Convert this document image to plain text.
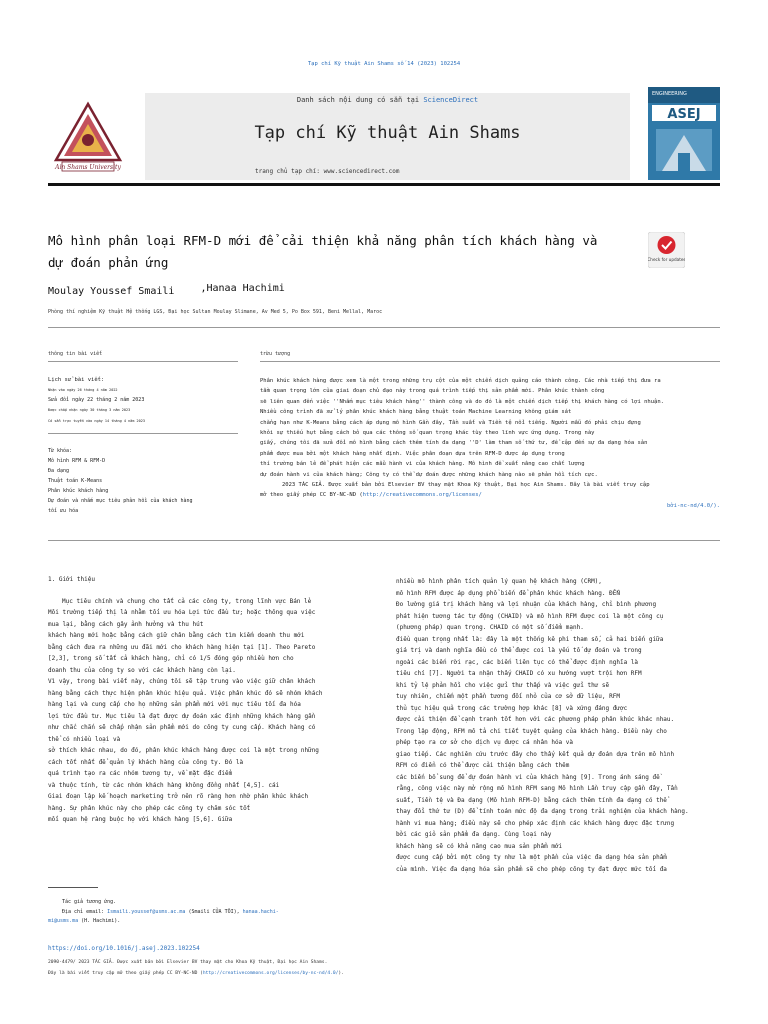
Tạp chí Kỹ thuật Ain Shams số 14 (2023) 102254
Ain Shams University
Danh sách nội dung có sẵn tại ScienceDirect
Tạp chí Kỹ thuật Ain Shams
trang chủ tạp chí: www.sciencedirect.com
ENGINEERING
ASEJ
Mô hình phân loại RFM-D mới để cải thiện khả năng phân tích khách hàng và
dự đoán phản ứng	Check for updates
Moulay Youssef Smaili	,Hanaa Hachimi
Phòng thí nghiệm Kỹ thuật Hệ thống LGS, Đại học Sultan Moulay Slimane, Av Med 5, Po Box 591, Beni Mellal, Maroc
thông tin bài viết	trừu tượng
Lịch sử bài viết:
Nhận vào ngày 26 tháng 4 năm 2022
Sửa đổi ngày 22 tháng 2 năm 2023
Được chấp nhận ngày 30 tháng 3 năm 2023
Có sẵn trực tuyến vào ngày 14 tháng 4 năm 2023
Từ khóa:
Mô hình RFM & RFM-D
Đa dạng
Thuật toán K-Means
Phân khúc khách hàng
Dự đoán và nhắm mục tiêu phản hồi của khách hàng
tối ưu hóa
Phân khúc khách hàng được xem là một trong những trụ cột của một chiến dịch quảng cáo thành công. Các nhà tiếp thị đưa ra
tầm quan trọng lớn của giai đoạn chủ đạo này trong quá trình tiếp thị sản phẩm mới. Phân khúc thành công
sẽ liên quan đến việc ''Nhắm mục tiêu khách hàng'' thành công và do đó là một chiến dịch tiếp thị khách hàng có lợi nhuận.
Nhiều công trình đã xử lý phân khúc khách hàng bằng thuật toán Machine Learning không giám sát
chẳng hạn như K-Means bằng cách áp dụng mô hình Gần đây, Tần suất và Tiền tệ nổi tiếng. Người mẫu đó phải chịu đựng
khỏi sự thiếu hụt bằng cách bỏ qua các thông số quan trọng khác tùy theo lĩnh vực ứng dụng. Trong này
giấy, chúng tôi đã sửa đổi mô hình bằng cách thêm tính đa dạng ''D' làm tham số thứ tư, để cập đến sự đa dạng hóa sản
phẩm được mua bởi một khách hàng nhất định. Việc phân đoạn dựa trên RFM-D được áp dụng trong
thí trường bán lẻ để phát hiện các mẫu hành vi của khách hàng. Mô hình đề xuất nâng cao chất lượng
dự đoán hành vi của khách hàng; Công ty có thể dự đoán được những khách hàng nào sẽ phản hồi tích cực.

2023 TÁC GIẢ. Được xuất bản bởi Elsevier BV thay mặt Khoa Kỹ thuật, Đại học Ain Shams. Đây là bài viết truy cập

mở theo giấy phép CC BY-NC-ND (http://creativecommons.org/licenses/
bởi-nc-nd/4.0/).
1. Giới thiệu
Mục tiêu chính và chung cho tất cả các công ty, trong lĩnh vực Bán lẻ
Môi trường tiếp thị là nhằm tối ưu hóa Lợi tức đầu tư; hoặc thông qua việc
mua lại, bằng cách gây ảnh hưởng và thu hút
khách hàng mới hoặc bằng cách giữ chân bằng cách tìm kiếm doanh thu mới
bằng cách đưa ra những ưu đãi mới cho khách hàng hiện tại [1]. Theo Pareto
[2,3], trong số tất cả khách hàng, chỉ có 1/5 đóng góp nhiều hơn cho
doanh thu của công ty so với các khách hàng còn lại.
Vì vậy, trong bài viết này, chúng tôi sẽ tập trung vào việc giữ chân khách
hàng bằng cách thực hiện phân khúc hiệu quả. Việc phân khúc đó sẽ nhóm khách
hàng lại và cung cấp cho họ những sản phẩm mới với mục tiêu tối đa hóa
lợi tức đầu tư. Mục tiêu là đạt được dự đoán xác định những khách hàng gần
như chắc chắn sẽ chấp nhận sản phẩm mới do công ty cung cấp. Khách hàng có
thể có nhiều loại và
sở thích khác nhau, do đó, phân khúc khách hàng được coi là một trong những
cách tốt nhất để quản lý khách hàng của công ty. Đó là
quá trình tạo ra các nhóm tương tự, về mặt đặc điểm
và thuộc tính, từ các nhóm khách hàng không đồng nhất [4,5]. cái
Giai đoạn lập kế hoạch marketing trở nên rõ ràng hơn nhờ phân khúc khách
hàng. Sự phân khúc này cho phép các công ty chăm sóc tốt
mối quan hệ ràng buộc họ với khách hàng [5,6]. Giữa
nhiều mô hình phân tích quản lý quan hệ khách hàng (CRM),
mô hình RFM được áp dụng phổ biến để phân khúc khách hàng. ĐẾN
Đo lường giá trị khách hàng và lợi nhuận của khách hàng, chỉ bình phương
phát hiện tương tác tự động (CHAID) và mô hình RFM được coi là một công cụ
(phương pháp) quan trọng. CHAID có một số điểm mạnh.
điều quan trọng nhất là: đây là một thống kê phi tham số, cả hai biến giữa
giá trị và danh nghĩa đều có thể được coi là yếu tố dự đoán và trong
ngoài các biến rời rạc, các biến liên tục có thể được định nghĩa là
tiêu chí [7]. Người ta nhận thấy CHAID có xu hướng vượt trội hơn RFM
khi tỷ lệ phản hồi cho việc gửi thư thấp và việc gửi thư sẽ
tuy nhiên, chiếm một phần tương đối nhỏ của cơ sở dữ liệu, RFM
thủ tục hiệu quả trong các trường hợp khác [8] và xứng đáng được
được cải thiện để cạnh tranh tốt hơn với các phương pháp phân khúc khác nhau.
Trong lập động, RFM mô tả chi tiết tuyệt quảng của khách hàng. Điều này cho
phép tạo ra cơ sở cho dịch vụ được cá nhân hóa và
giao tiếp. Các nghiên cứu trước đây cho thấy kết quả dự đoán dựa trên mô hình
RFM có điển có thể được cải thiện bằng cách thêm
các biến bổ sung để dự đoán hành vi của khách hàng [9]. Trong ánh sáng đề
rằng, công việc này mở rộng mô hình RFM sang Mô hình Lần truy cập gần đây, Tần
suất, Tiền tệ và Đa dạng (Mô hình RFM-D) bằng cách thêm tính đa dạng có thể
thay đổi thứ tư (D) để tính toán mức độ đa dạng trong trải nghiệm của khách hàng.
hành vi mua hàng; điều này sẽ cho phép xác định các khách hàng được đặc trưng
bởi các giỏ sản phẩm đa dạng. Cùng loại này
khách hàng sẽ có khả năng cao mua sản phẩm mới
được cung cấp bởi một công ty như là một phần của việc đa dạng hóa sản phẩm
của mình. Việc đa dạng hóa sản phẩm sẽ cho phép công ty đạt được mức tối đa
Tác giả tương ứng.
Địa chỉ email: Ismaili.youssef@usms.ac.ma (Smaili CỦA TÔI), hanaa.hachi-
mi@usms.ma (H. Hachimi).
https://doi.org/10.1016/j.asej.2023.102254
2090-4479/ 2023 TÁC GIẢ. Được xuất bản bởi Elsevier BV thay mặt cho Khoa Kỹ thuật, Đại học Ain Shams.
Đây là bài viết truy cập mở theo giấy phép CC BY-NC-ND (http://creativecommons.org/licenses/by-nc-nd/4.0/).
